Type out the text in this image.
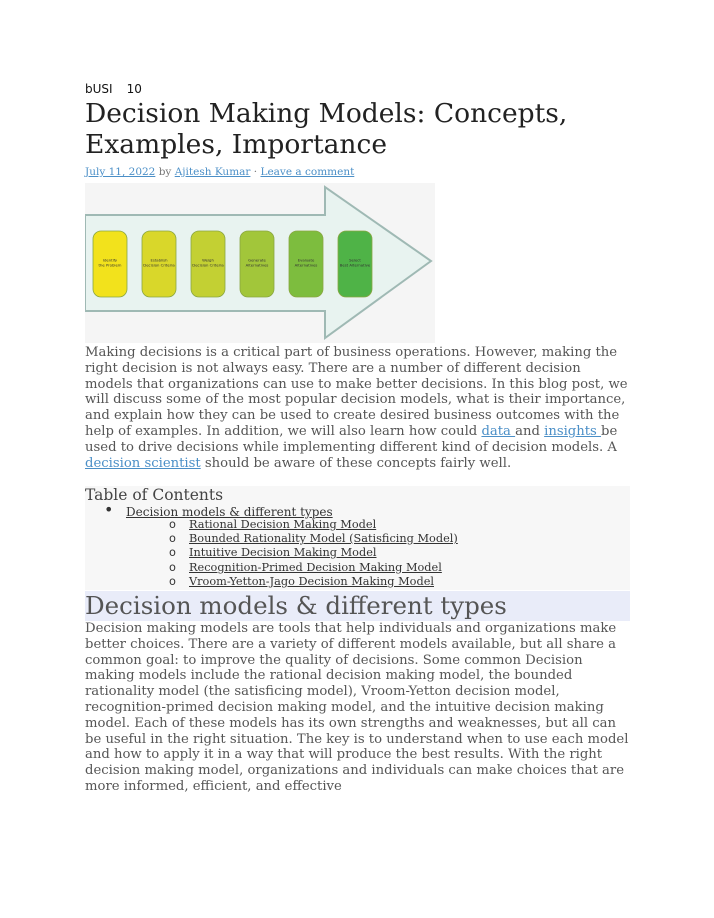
bUSI 10
Decision Making Models: Concepts, Examples, Importance
July 11, 2022 by Ajitesh Kumar · Leave a comment
Identify the Problem
Establish Decision Criteria
Weigh Decision Criteria
Generate Alternatives
Evaluate Alternatives
Select Best Alternative

Making decisions is a critical part of business operations. However, making the right decision is not always easy. There are a number of different decision models that organizations can use to make better decisions. In this blog post, we will discuss some of the most popular decision models, what is their importance, and explain how they can be used to create desired business outcomes with the help of examples. In addition, we will also learn how could data and insights be used to drive decisions while implementing different kind of decision models. A decision scientist should be aware of these concepts fairly well.

Table of Contents
• Decision models & different types
o Rational Decision Making Model
o Bounded Rationality Model (Satisficing Model)
o Intuitive Decision Making Model
o Recognition-Primed Decision Making Model
o Vroom-Yetton-Jago Decision Making Model
Decision models & different types

Decision making models are tools that help individuals and organizations make better choices. There are a variety of different models available, but all share a common goal: to improve the quality of decisions. Some common Decision making models include the rational decision making model, the bounded rationality model (the satisficing model), Vroom-Yetton decision model, recognition-primed decision making model, and the intuitive decision making model. Each of these models has its own strengths and weaknesses, but all can be useful in the right situation. The key is to understand when to use each model and how to apply it in a way that will produce the best results. With the right decision making model, organizations and individuals can make choices that are more informed, efficient, and effective
